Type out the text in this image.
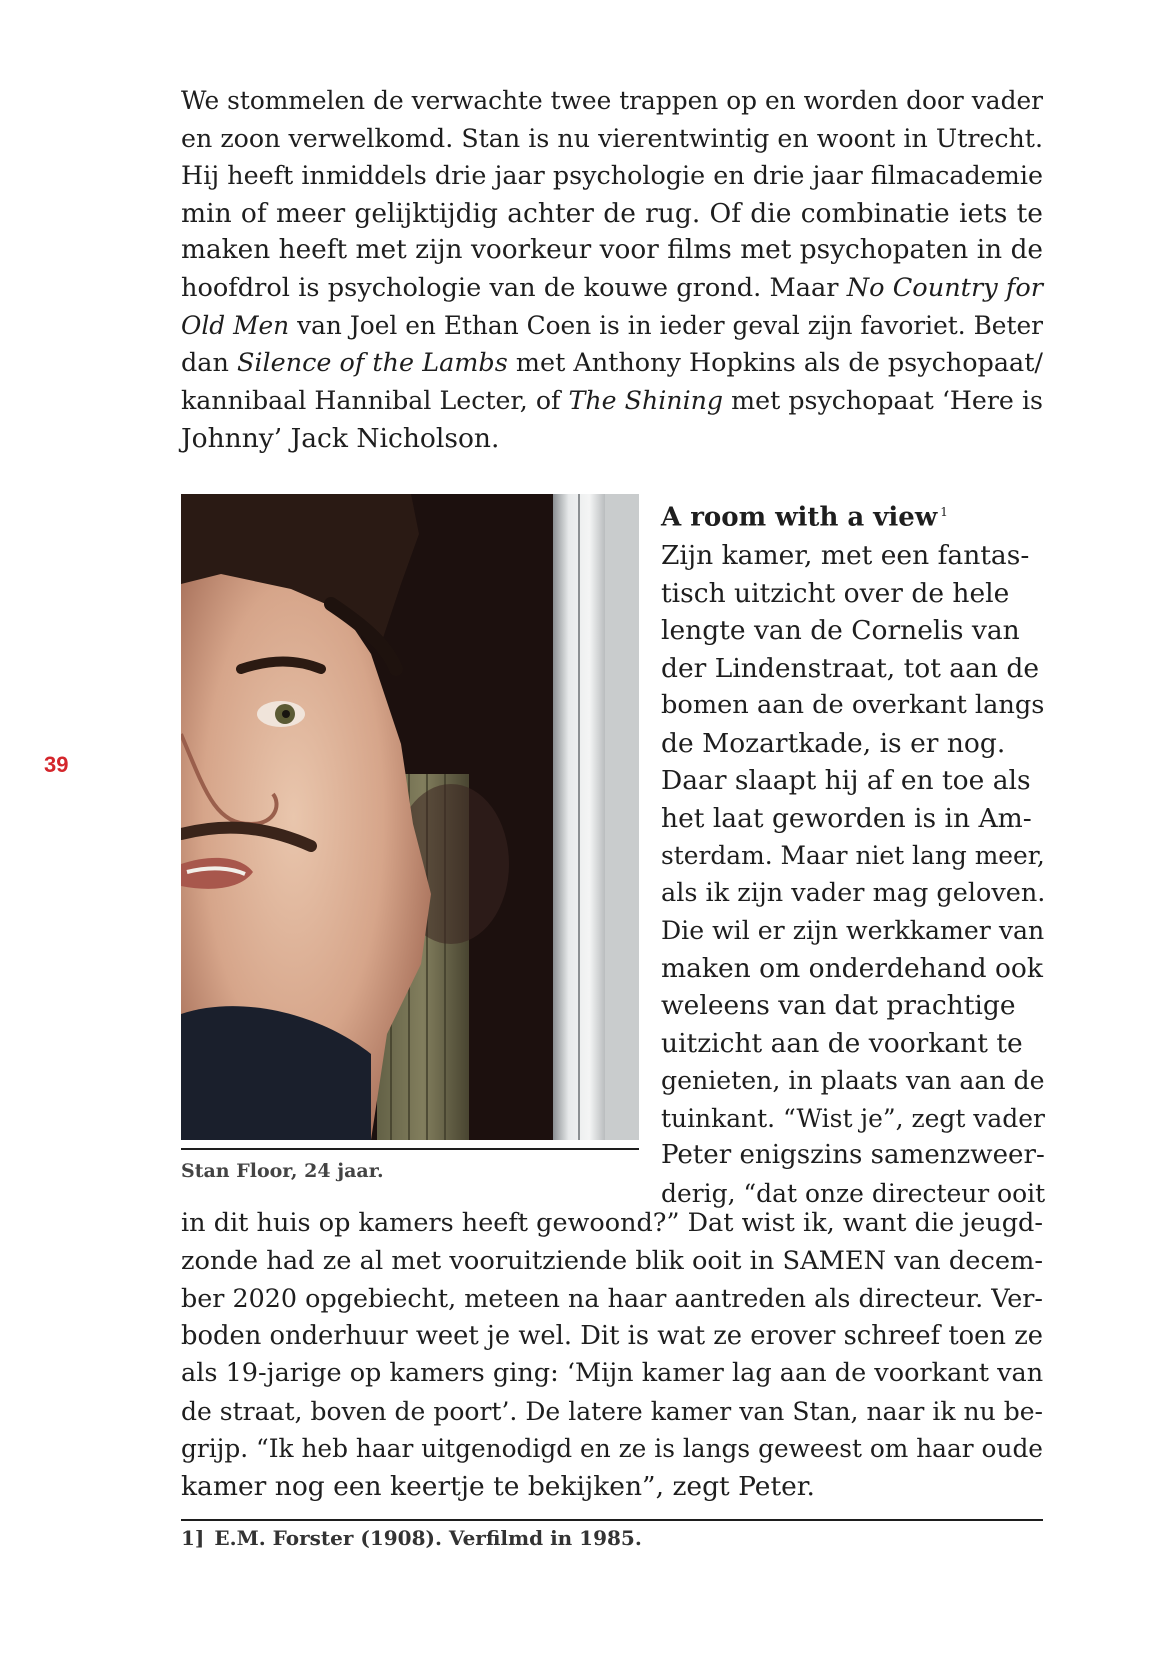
39
We stommelen de verwachte twee trappen op en worden door vader
en zoon verwelkomd. Stan is nu vierentwintig en woont in Utrecht.
Hij heeft inmiddels drie jaar psychologie en drie jaar filmacademie
min of meer gelijktijdig achter de rug. Of die combinatie iets te
maken heeft met zijn voorkeur voor films met psychopaten in de
hoofdrol is psychologie van de kouwe grond. Maar No Country for
Old Men van Joel en Ethan Coen is in ieder geval zijn favoriet. Beter
dan Silence of the Lambs met Anthony Hopkins als de psychopaat/
kannibaal Hannibal Lecter, of The Shining met psychopaat ‘Here is
Johnny’ Jack Nicholson.
Stan Floor, 24 jaar.
A room with a view $^1$
Zijn kamer, met een fantas-
tisch uitzicht over de hele
lengte van de Cornelis van
der Lindenstraat, tot aan de
bomen aan de overkant langs
de Mozartkade, is er nog.
Daar slaapt hij af en toe als
het laat geworden is in Am-
sterdam. Maar niet lang meer,
als ik zijn vader mag geloven.
Die wil er zijn werkkamer van
maken om onderdehand ook
weleens van dat prachtige
uitzicht aan de voorkant te
genieten, in plaats van aan de
tuinkant. “Wist je”, zegt vader
Peter enigszins samenzweer-
derig, “dat onze directeur ooit
in dit huis op kamers heeft gewoond?” Dat wist ik, want die jeugd-
zonde had ze al met vooruitziende blik ooit in SAMEN van decem-
ber 2020 opgebiecht, meteen na haar aantreden als directeur. Ver-
boden onderhuur weet je wel. Dit is wat ze erover schreef toen ze
als 19-jarige op kamers ging: ‘Mijn kamer lag aan de voorkant van
de straat, boven de poort’. De latere kamer van Stan, naar ik nu be-
grijp. “Ik heb haar uitgenodigd en ze is langs geweest om haar oude
kamer nog een keertje te bekijken”, zegt Peter.
1] E.M. Forster (1908). Verfilmd in 1985.
